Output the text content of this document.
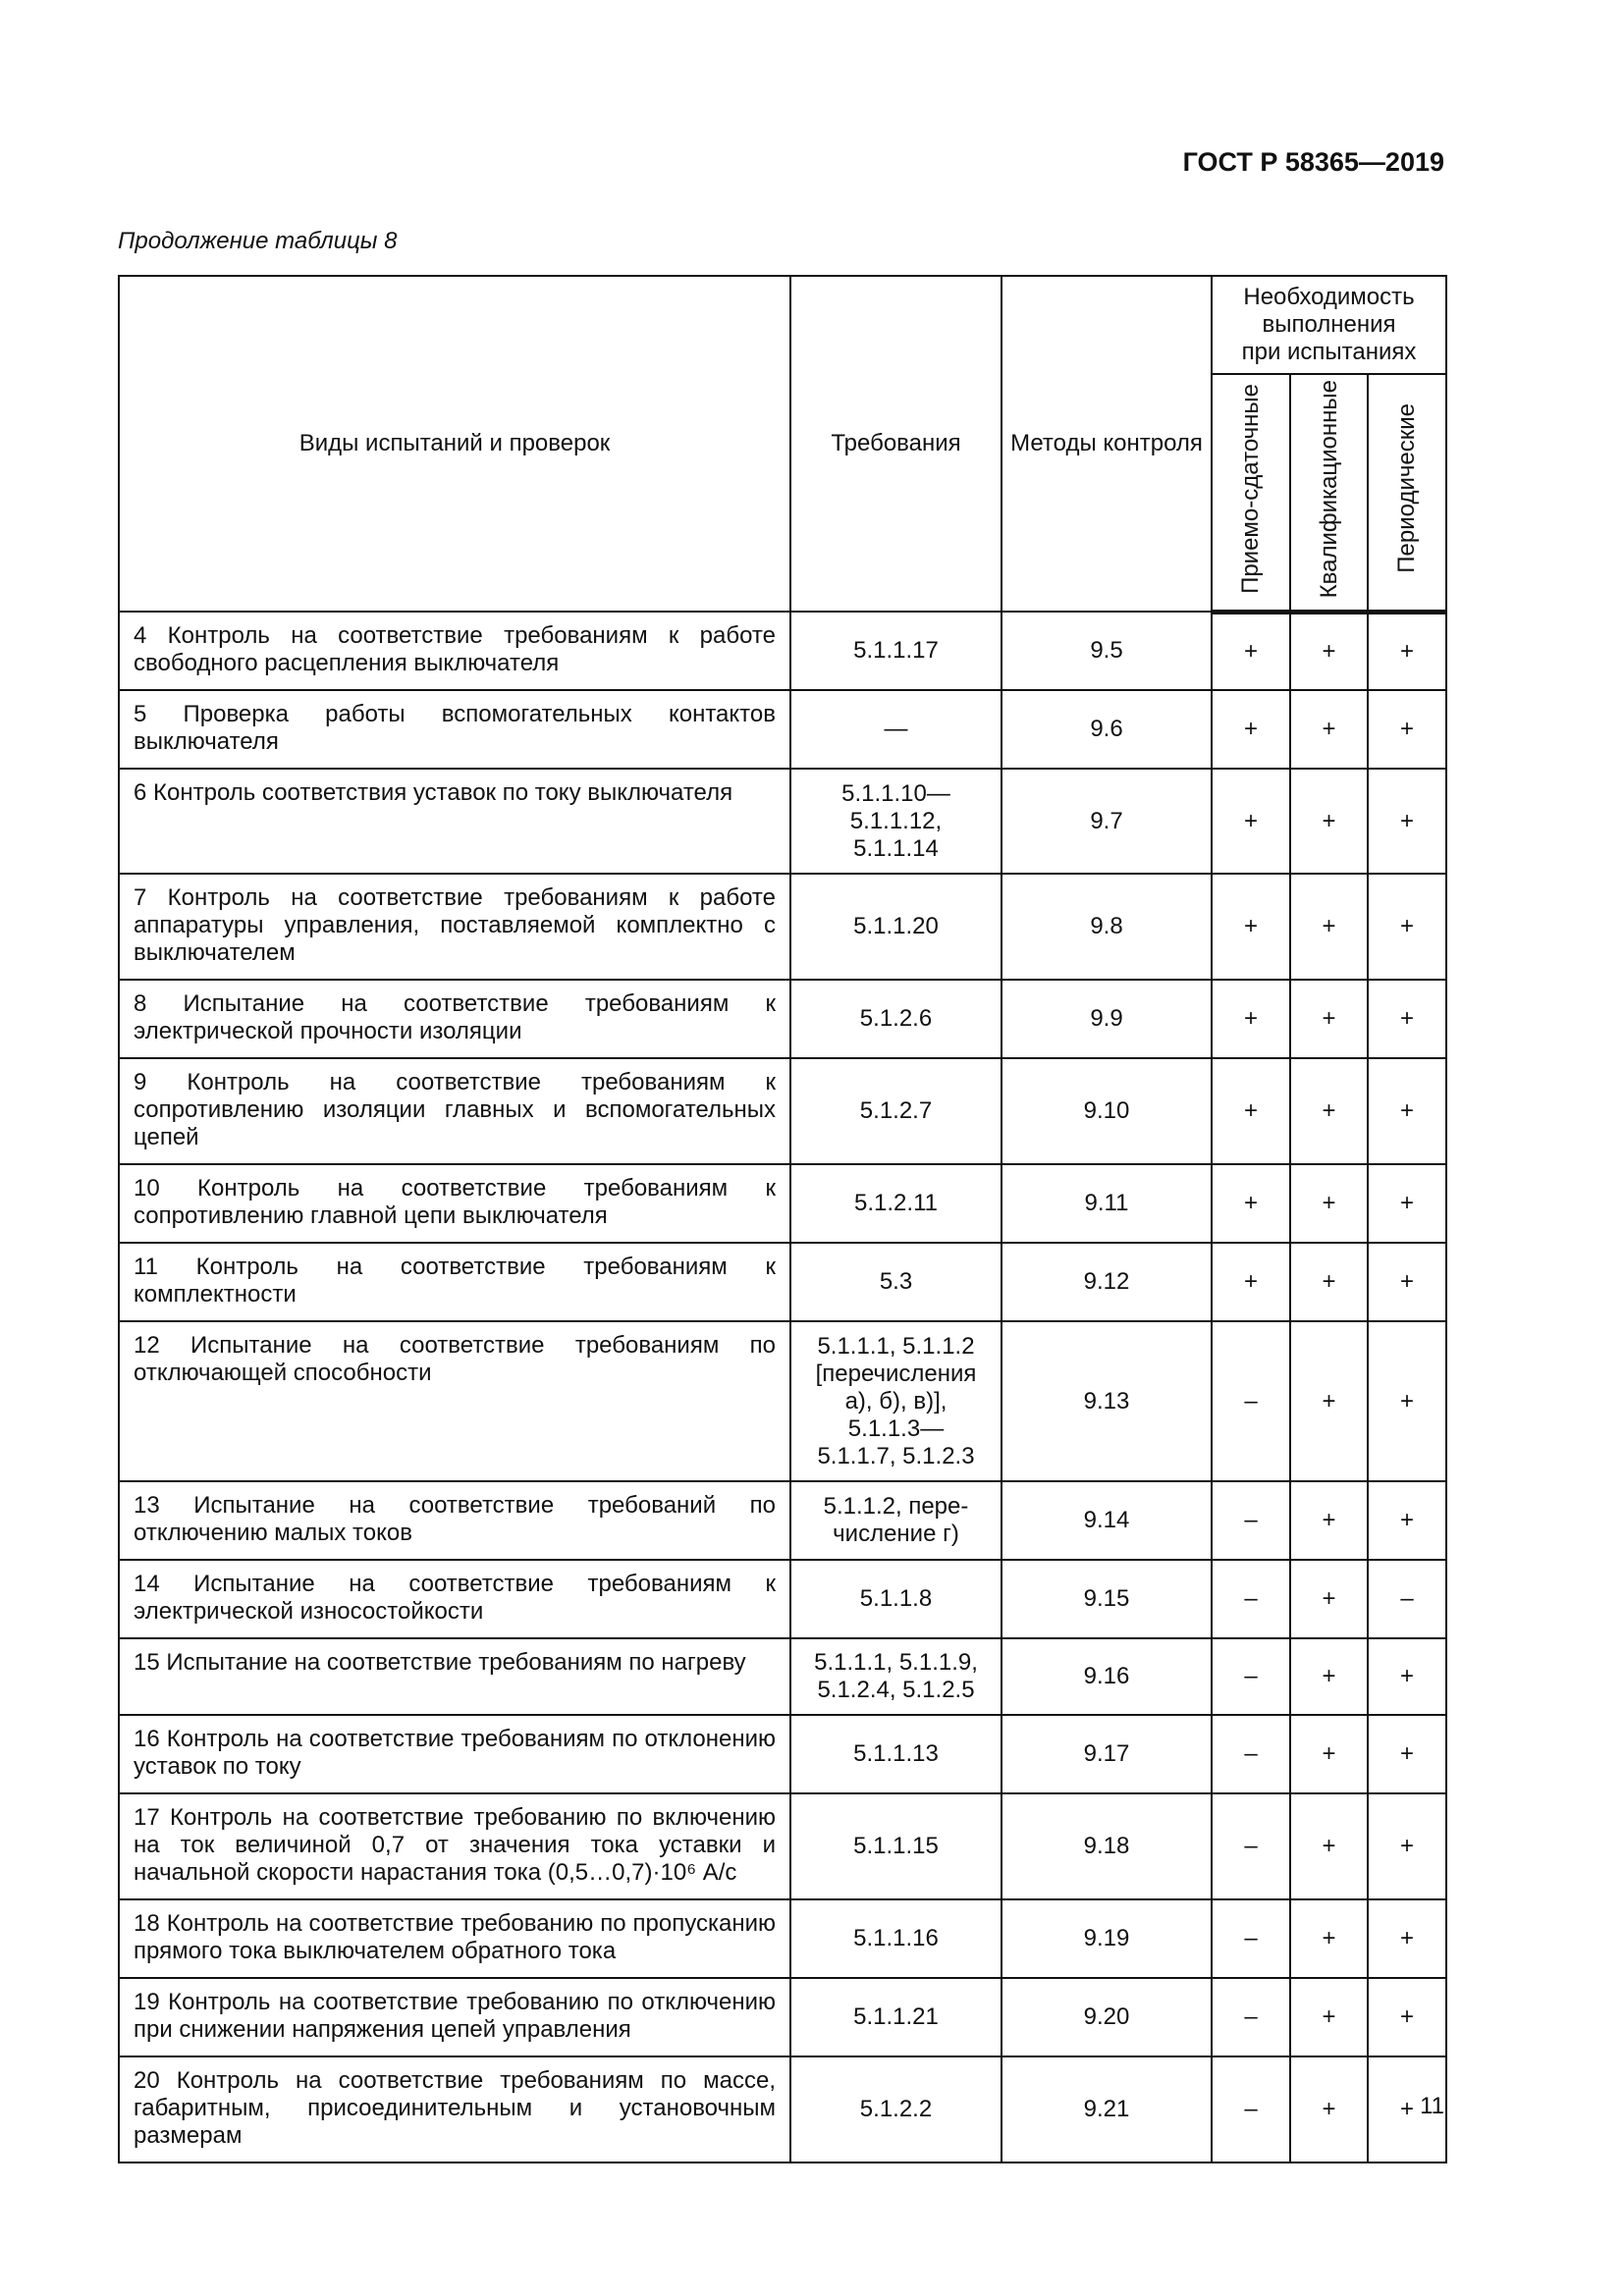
ГОСТ Р 58365—2019
Продолжение таблицы 8
Виды испытаний и проверок	Требования	Методы контроля	Необходимость
выполнения
при испытаниях		

			Приемо-сдаточные	Квалификационные	Периодические
4 Контроль на соответствие требованиям к работе свободного расцепления выключателя	5.1.1.17	9.5	+	+	+
5 Проверка работы вспомогательных контактов выключателя	—	9.6	+	+	+
6 Контроль соответствия уставок по току выключателя	5.1.1.10—
5.1.1.12,
5.1.1.14	9.7	+	+	+
7 Контроль на соответствие требованиям к работе аппаратуры управления, поставляемой комплектно с выключателем	5.1.1.20	9.8	+	+	+
8 Испытание на соответствие требованиям к электрической прочности изоляции	5.1.2.6	9.9	+	+	+
9 Контроль на соответствие требованиям к сопротивлению изоляции главных и вспомогательных цепей	5.1.2.7	9.10	+	+	+
10 Контроль на соответствие требованиям к сопротивлению главной цепи выключателя	5.1.2.11	9.11	+	+	+
11 Контроль на соответствие требованиям к комплектности	5.3	9.12	+	+	+
12 Испытание на соответствие требованиям по отключающей способности	5.1.1.1, 5.1.1.2
[перечисления
а), б), в)],
5.1.1.3—
5.1.1.7, 5.1.2.3	9.13	–	+	+
13 Испытание на соответствие требований по отключению малых токов	5.1.1.2, пере-
числение г)	9.14	–	+	+
14 Испытание на соответствие требованиям к электрической износостойкости	5.1.1.8	9.15	–	+	–
15 Испытание на соответствие требованиям по нагреву	5.1.1.1, 5.1.1.9,
5.1.2.4, 5.1.2.5	9.16	–	+	+
16 Контроль на соответствие требованиям по отклонению уставок по току	5.1.1.13	9.17	–	+	+
17 Контроль на соответствие требованию по включению на ток величиной 0,7 от значения тока уставки и начальной скорости нарастания тока (0,5…0,7)·10⁶ А/с	5.1.1.15	9.18	–	+	+
18 Контроль на соответствие требованию по пропусканию прямого тока выключателем обратного тока	5.1.1.16	9.19	–	+	+
19 Контроль на соответствие требованию по отключению при снижении напряжения цепей управления	5.1.1.21	9.20	–	+	+
20 Контроль на соответствие требованиям по массе, габаритным, присоединительным и установочным размерам	5.1.2.2	9.21	–	+	+ 11
